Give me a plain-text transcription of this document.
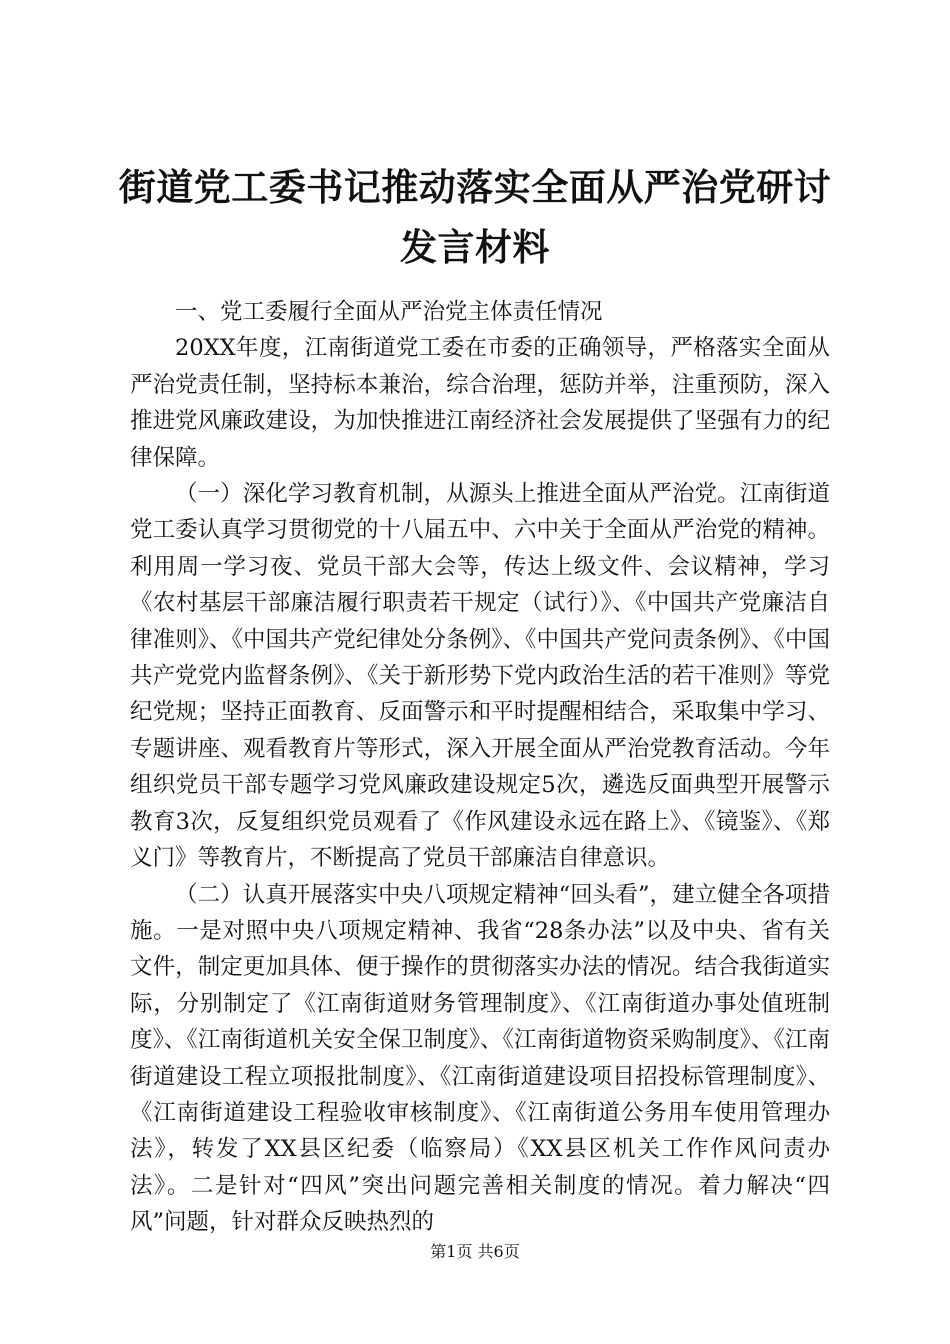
街道党工委书记推动落实全面从严治党研讨发言材料

一、党工委履行全面从严治党主体责任情况

20XX年度，江南街道党工委在市委的正确领导，严格落实全面从严治党责任制，坚持标本兼治，综合治理，惩防并举，注重预防，深入推进党风廉政建设，为加快推进江南经济社会发展提供了坚强有力的纪律保障。

（一）深化学习教育机制，从源头上推进全面从严治党。江南街道党工委认真学习贯彻党的十八届五中、六中关于全面从严治党的精神。利用周一学习夜、党员干部大会等，传达上级文件、会议精神，学习《农村基层干部廉洁履行职责若干规定（试行）》、《中国共产党廉洁自律准则》、《中国共产党纪律处分条例》、《中国共产党问责条例》、《中国共产党党内监督条例》、《关于新形势下党内政治生活的若干准则》等党纪党规；坚持正面教育、反面警示和平时提醒相结合，采取集中学习、专题讲座、观看教育片等形式，深入开展全面从严治党教育活动。今年组织党员干部专题学习党风廉政建设规定5次，遴选反面典型开展警示教育3次，反复组织党员观看了《作风建设永远在路上》、《镜鉴》、《郑义门》等教育片，不断提高了党员干部廉洁自律意识。

（二）认真开展落实中央八项规定精神“回头看”，建立健全各项措施。一是对照中央八项规定精神、我省“28条办法”以及中央、省有关文件，制定更加具体、便于操作的贯彻落实办法的情况。结合我街道实际，分别制定了《江南街道财务管理制度》、《江南街道办事处值班制度》、《江南街道机关安全保卫制度》、《江南街道物资采购制度》、《江南街道建设工程立项报批制度》、《江南街道建设项目招投标管理制度》、《江南街道建设工程验收审核制度》、《江南街道公务用车使用管理办法》，转发了XX县区纪委（临察局）《XX县区机关工作作风问责办法》。二是针对“四风”突出问题完善相关制度的情况。着力解决“四风”问题，针对群众反映热烈的

第1页 共6页
